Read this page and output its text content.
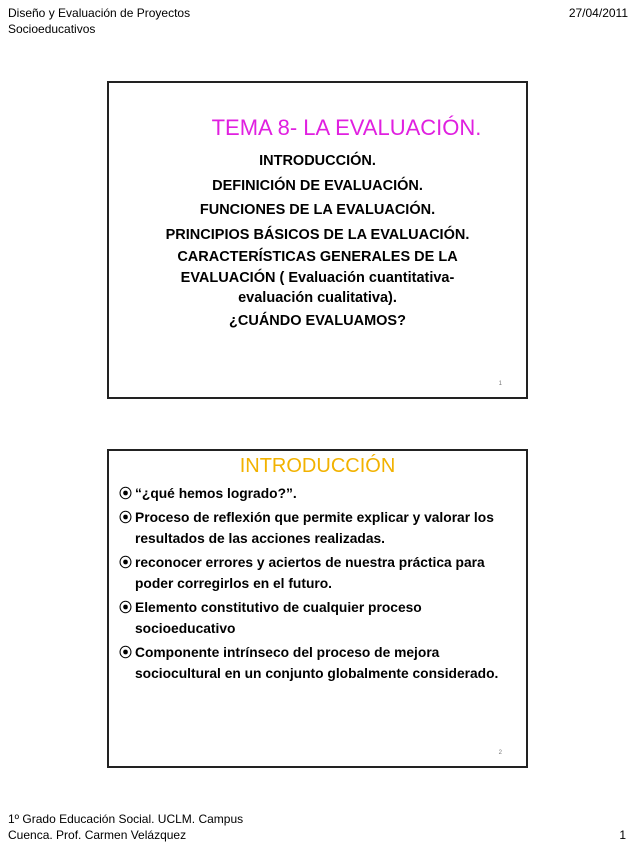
Diseño y Evaluación de Proyectos
Socioeducativos
27/04/2011
TEMA 8- LA EVALUACIÓN.
INTRODUCCIÓN.
DEFINICIÓN DE EVALUACIÓN.
FUNCIONES DE LA EVALUACIÓN.
PRINCIPIOS BÁSICOS DE LA EVALUACIÓN.
CARACTERÍSTICAS GENERALES DE LA
EVALUACIÓN ( Evaluación cuantitativa-
evaluación cualitativa).
¿CUÁNDO EVALUAMOS?
1
INTRODUCCIÓN
⦿ “¿qué hemos logrado?”.
⦿ Proceso de reflexión que permite explicar y valorar los resultados de las acciones realizadas.
⦿ reconocer errores y aciertos de nuestra práctica para poder corregirlos en el futuro.
⦿ Elemento constitutivo de cualquier proceso socioeducativo
⦿ Componente intrínseco del proceso de mejora sociocultural en un conjunto globalmente considerado.
2
1º Grado Educación Social. UCLM. Campus
Cuenca. Prof. Carmen Velázquez	1
